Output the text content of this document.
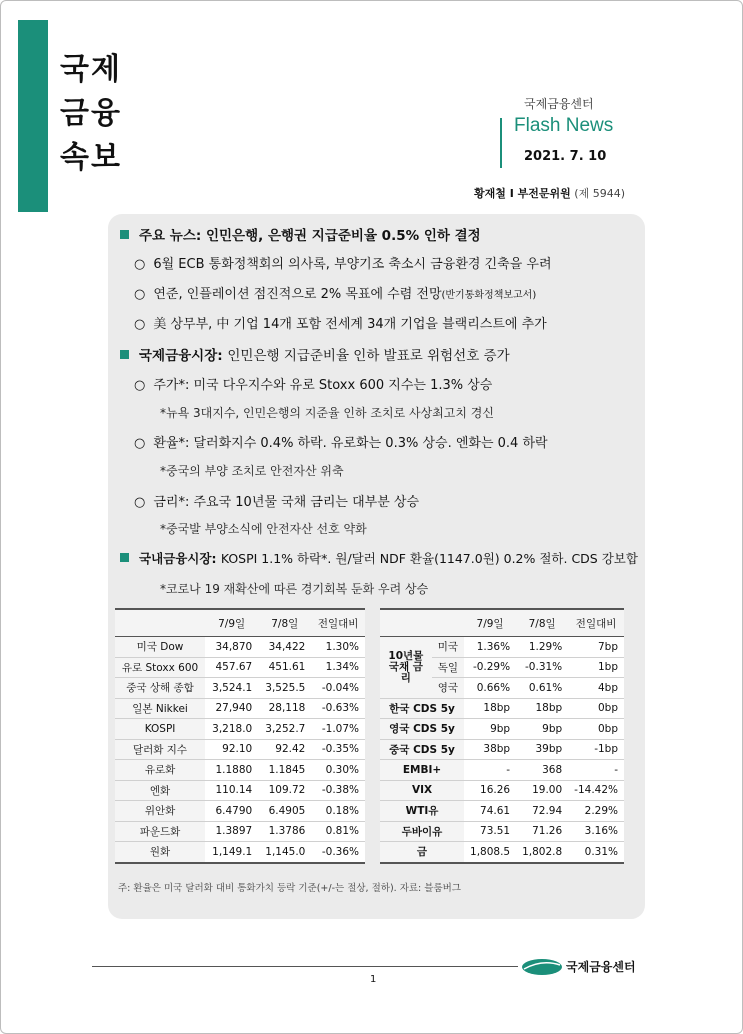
국제
금융
속보
국제금융센터
Flash News
2021. 7. 10
황재철 I 부전문위원 (제 5944)
주요 뉴스: 인민은행, 은행권 지급준비율 0.5% 인하 결정
○ 6월 ECB 통화정책회의 의사록, 부양기조 축소시 금융환경 긴축을 우려
○ 연준, 인플레이션 점진적으로 2% 목표에 수렴 전망(반기통화정책보고서)
○ 美 상무부, 中 기업 14개 포함 전세계 34개 기업을 블랙리스트에 추가
국제금융시장: 인민은행 지급준비율 인하 발표로 위험선호 증가
○ 주가*: 미국 다우지수와 유로 Stoxx 600 지수는 1.3% 상승
*뉴욕 3대지수, 인민은행의 지준율 인하 조치로 사상최고치 경신
○ 환율*: 달러화지수 0.4% 하락. 유로화는 0.3% 상승. 엔화는 0.4 하락
*중국의 부양 조치로 안전자산 위축
○ 금리*: 주요국 10년물 국채 금리는 대부분 상승
*중국발 부양소식에 안전자산 선호 약화
국내금융시장: KOSPI 1.1% 하락*. 원/달러 NDF 환율(1147.0원) 0.2% 절하. CDS 강보합
*코로나 19 재확산에 따른 경기회복 둔화 우려 상승
	7/9일	7/8일	전일대비
미국 Dow	34,870	34,422	1.30%
유로 Stoxx 600	457.67	451.61	1.34%
중국 상해 종합	3,524.1	3,525.5	-0.04%
일본 Nikkei	27,940	28,118	-0.63%
KOSPI	3,218.0	3,252.7	-1.07%
달러화 지수	92.10	92.42	-0.35%
유로화	1.1880	1.1845	0.30%
엔화	110.14	109.72	-0.38%
위안화	6.4790	6.4905	0.18%
파운드화	1.3897	1.3786	0.81%
원화	1,149.1	1,145.0	-0.36%
		7/9일	7/8일	전일대비
10년물 국채 금리	미국	1.36%	1.29%	7bp
	독일	-0.29%	-0.31%	1bp
	영국	0.66%	0.61%	4bp
한국 CDS 5y		18bp	18bp	0bp
영국 CDS 5y		9bp	9bp	0bp
중국 CDS 5y		38bp	39bp	-1bp
EMBI+		-	368	-
VIX		16.26	19.00	-14.42%
WTI유		74.61	72.94	2.29%
두바이유		73.51	71.26	3.16%
금		1,808.5	1,802.8	0.31%
주: 환율은 미국 달러화 대비 통화가치 등락 기준(+/-는 절상, 절하). 자료: 블룸버그
1
국제금융센터
